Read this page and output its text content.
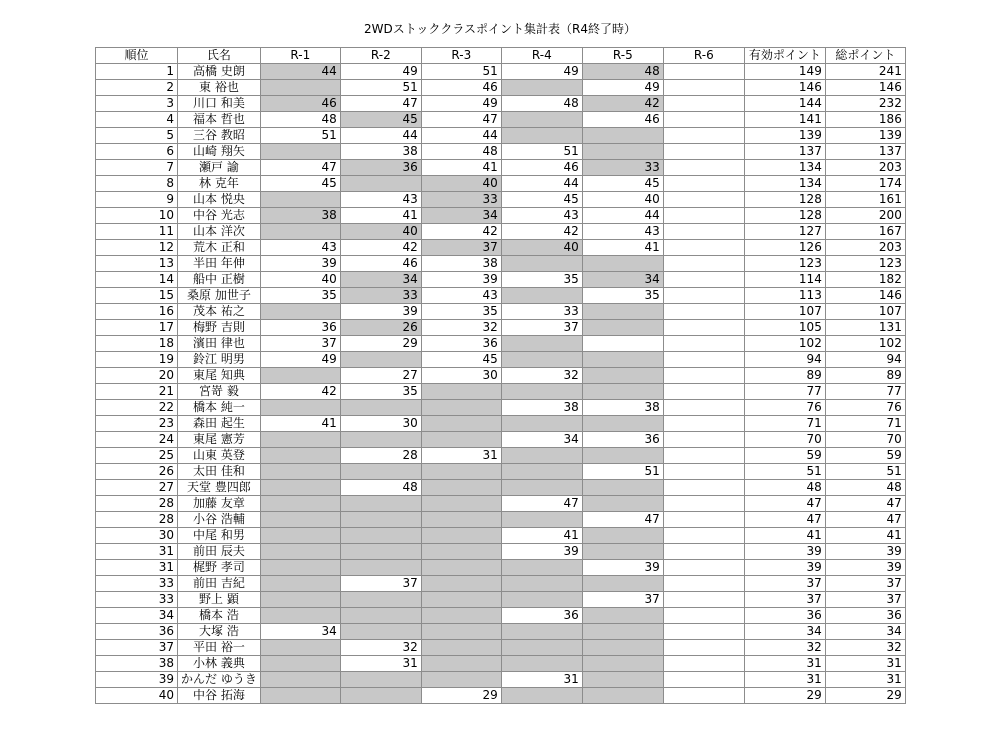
2WDストッククラスポイント集計表（R4終了時）
順位	氏名	R-1	R-2	R-3	R-4	R-5	R-6	有効ポイント	総ポイント
1	高橋 史朗	44	49	51	49	48		149	241
2	東 裕也		51	46		49		146	146
3	川口 和美	46	47	49	48	42		144	232
4	福本 哲也	48	45	47		46		141	186
5	三谷 教昭	51	44	44				139	139
6	山崎 翔矢		38	48	51			137	137
7	瀬戸 諭	47	36	41	46	33		134	203
8	林 克年	45		40	44	45		134	174
9	山本 悦央		43	33	45	40		128	161
10	中谷 光志	38	41	34	43	44		128	200
11	山本 洋次		40	42	42	43		127	167
12	荒木 正和	43	42	37	40	41		126	203
13	半田 年伸	39	46	38				123	123
14	船中 正樹	40	34	39	35	34		114	182
15	桑原 加世子	35	33	43		35		113	146
16	茂本 祐之		39	35	33			107	107
17	梅野 吉則	36	26	32	37			105	131
18	濱田 律也	37	29	36				102	102
19	鈴江 明男	49		45				94	94
20	東尾 知典		27	30	32			89	89
21	宮嵜 毅	42	35					77	77
22	橋本 純一				38	38		76	76
23	森田 起生	41	30					71	71
24	東尾 憲芳				34	36		70	70
25	山東 英登		28	31				59	59
26	太田 佳和					51		51	51
27	天堂 豊四郎		48					48	48
28	加藤 友章				47			47	47
28	小谷 浩輔					47		47	47
30	中尾 和男				41			41	41
31	前田 辰夫				39			39	39
31	梶野 孝司					39		39	39
33	前田 吉紀		37					37	37
33	野上 顕					37		37	37
34	橋本 浩				36			36	36
36	大塚 浩	34						34	34
37	平田 裕一		32					32	32
38	小林 義典		31					31	31
39	かんだ ゆうき				31			31	31
40	中谷 拓海			29				29	29
